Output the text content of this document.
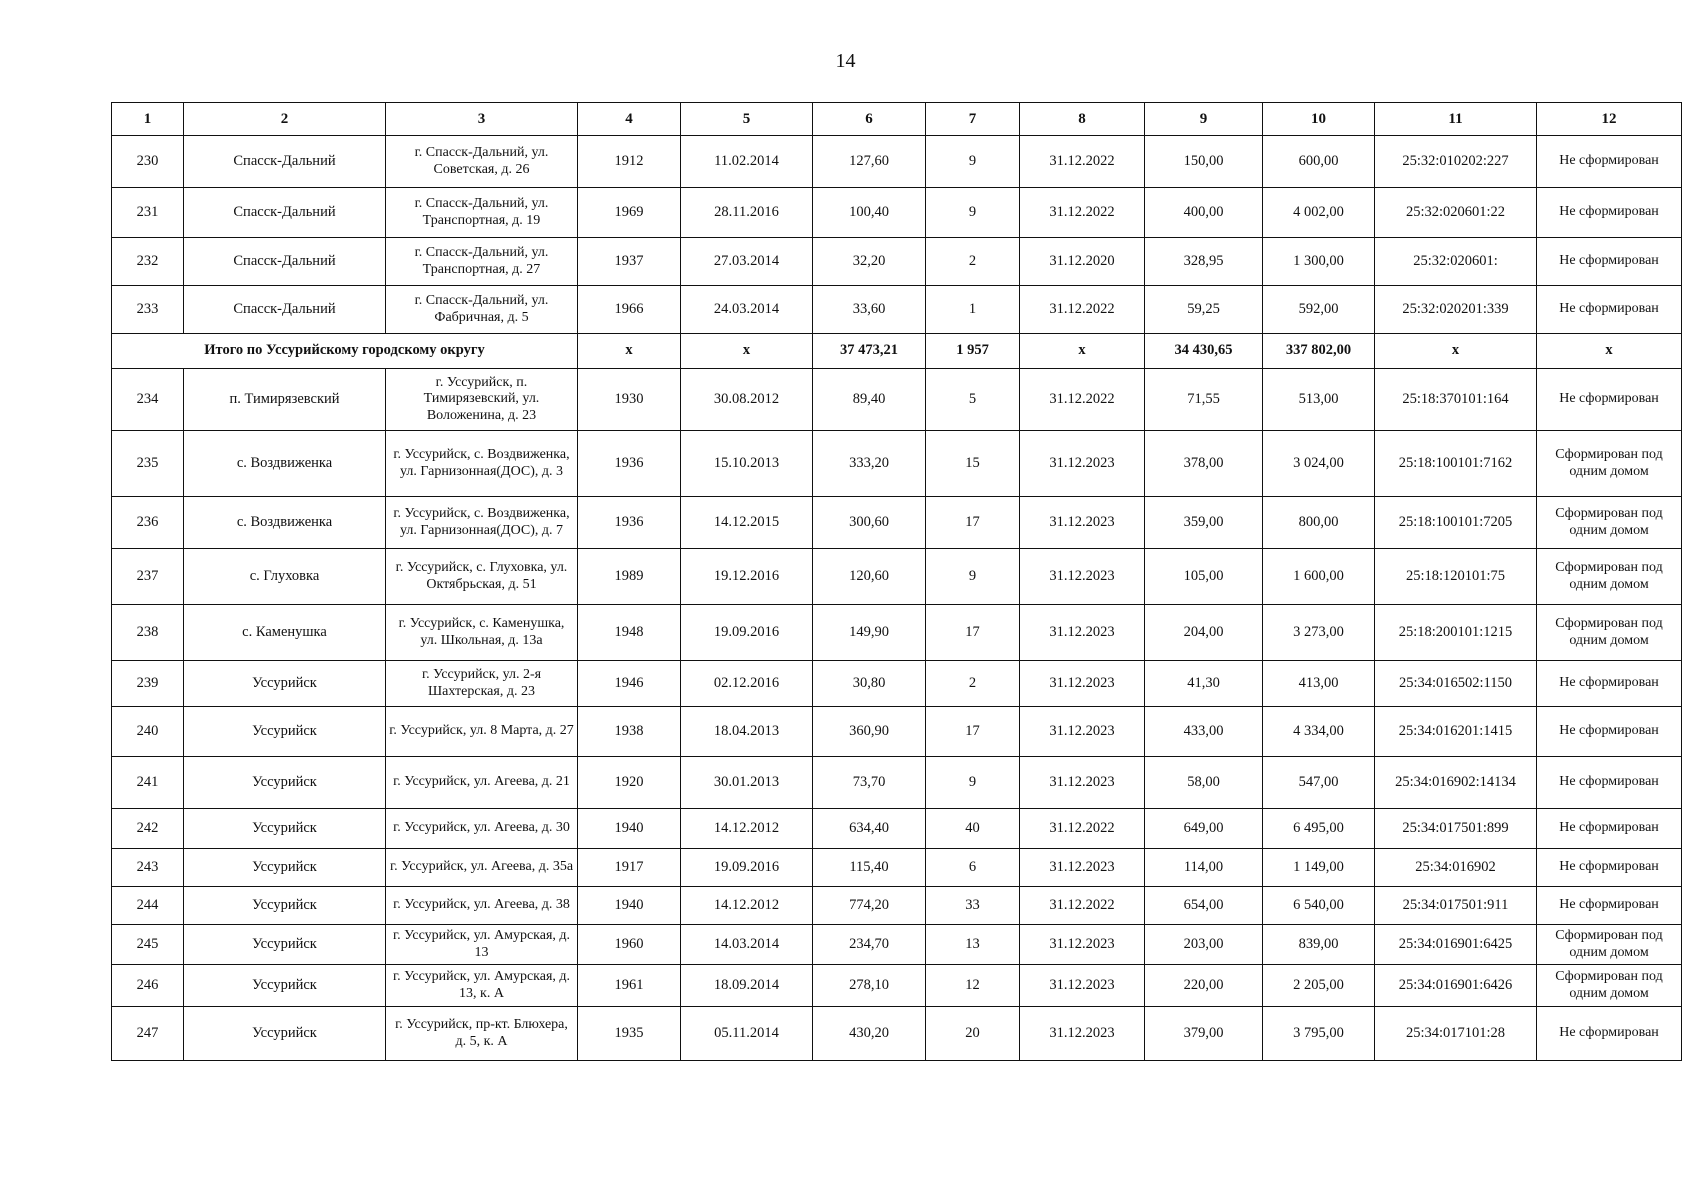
14
1	2	3	4	5	6	7	8	9	10	11	12
230	Спасск-Дальний	г. Спасск-Дальний, ул. Советская, д. 26	1912	11.02.2014	127,60	9	31.12.2022	150,00	600,00	25:32:010202:227	Не сформирован
231	Спасск-Дальний	г. Спасск-Дальний, ул. Транспортная, д. 19	1969	28.11.2016	100,40	9	31.12.2022	400,00	4 002,00	25:32:020601:22	Не сформирован
232	Спасск-Дальний	г. Спасск-Дальний, ул. Транспортная, д. 27	1937	27.03.2014	32,20	2	31.12.2020	328,95	1 300,00	25:32:020601:	Не сформирован
233	Спасск-Дальний	г. Спасск-Дальний, ул. Фабричная, д. 5	1966	24.03.2014	33,60	1	31.12.2022	59,25	592,00	25:32:020201:339	Не сформирован
Итого по Уссурийскому городскому округу			x	x	37 473,21	1 957	x	34 430,65	337 802,00	x	x
234	п. Тимирязевский	г. Уссурийск, п. Тимирязевский, ул. Воложенина, д. 23	1930	30.08.2012	89,40	5	31.12.2022	71,55	513,00	25:18:370101:164	Не сформирован
235	с. Воздвиженка	г. Уссурийск, с. Воздвиженка, ул. Гарнизонная(ДОС), д. 3	1936	15.10.2013	333,20	15	31.12.2023	378,00	3 024,00	25:18:100101:7162	Сформирован под одним домом
236	с. Воздвиженка	г. Уссурийск, с. Воздвиженка, ул. Гарнизонная(ДОС), д. 7	1936	14.12.2015	300,60	17	31.12.2023	359,00	800,00	25:18:100101:7205	Сформирован под одним домом
237	с. Глуховка	г. Уссурийск, с. Глуховка, ул. Октябрьская, д. 51	1989	19.12.2016	120,60	9	31.12.2023	105,00	1 600,00	25:18:120101:75	Сформирован под одним домом
238	с. Каменушка	г. Уссурийск, с. Каменушка, ул. Школьная, д. 13а	1948	19.09.2016	149,90	17	31.12.2023	204,00	3 273,00	25:18:200101:1215	Сформирован под одним домом
239	Уссурийск	г. Уссурийск, ул. 2-я Шахтерская, д. 23	1946	02.12.2016	30,80	2	31.12.2023	41,30	413,00	25:34:016502:1150	Не сформирован
240	Уссурийск	г. Уссурийск, ул. 8 Марта, д. 27	1938	18.04.2013	360,90	17	31.12.2023	433,00	4 334,00	25:34:016201:1415	Не сформирован
241	Уссурийск	г. Уссурийск, ул. Агеева, д. 21	1920	30.01.2013	73,70	9	31.12.2023	58,00	547,00	25:34:016902:14134	Не сформирован
242	Уссурийск	г. Уссурийск, ул. Агеева, д. 30	1940	14.12.2012	634,40	40	31.12.2022	649,00	6 495,00	25:34:017501:899	Не сформирован
243	Уссурийск	г. Уссурийск, ул. Агеева, д. 35а	1917	19.09.2016	115,40	6	31.12.2023	114,00	1 149,00	25:34:016902	Не сформирован
244	Уссурийск	г. Уссурийск, ул. Агеева, д. 38	1940	14.12.2012	774,20	33	31.12.2022	654,00	6 540,00	25:34:017501:911	Не сформирован
245	Уссурийск	г. Уссурийск, ул. Амурская, д. 13	1960	14.03.2014	234,70	13	31.12.2023	203,00	839,00	25:34:016901:6425	Сформирован под одним домом
246	Уссурийск	г. Уссурийск, ул. Амурская, д. 13, к. А	1961	18.09.2014	278,10	12	31.12.2023	220,00	2 205,00	25:34:016901:6426	Сформирован под одним домом
247	Уссурийск	г. Уссурийск, пр-кт. Блюхера, д. 5, к. А	1935	05.11.2014	430,20	20	31.12.2023	379,00	3 795,00	25:34:017101:28	Не сформирован
